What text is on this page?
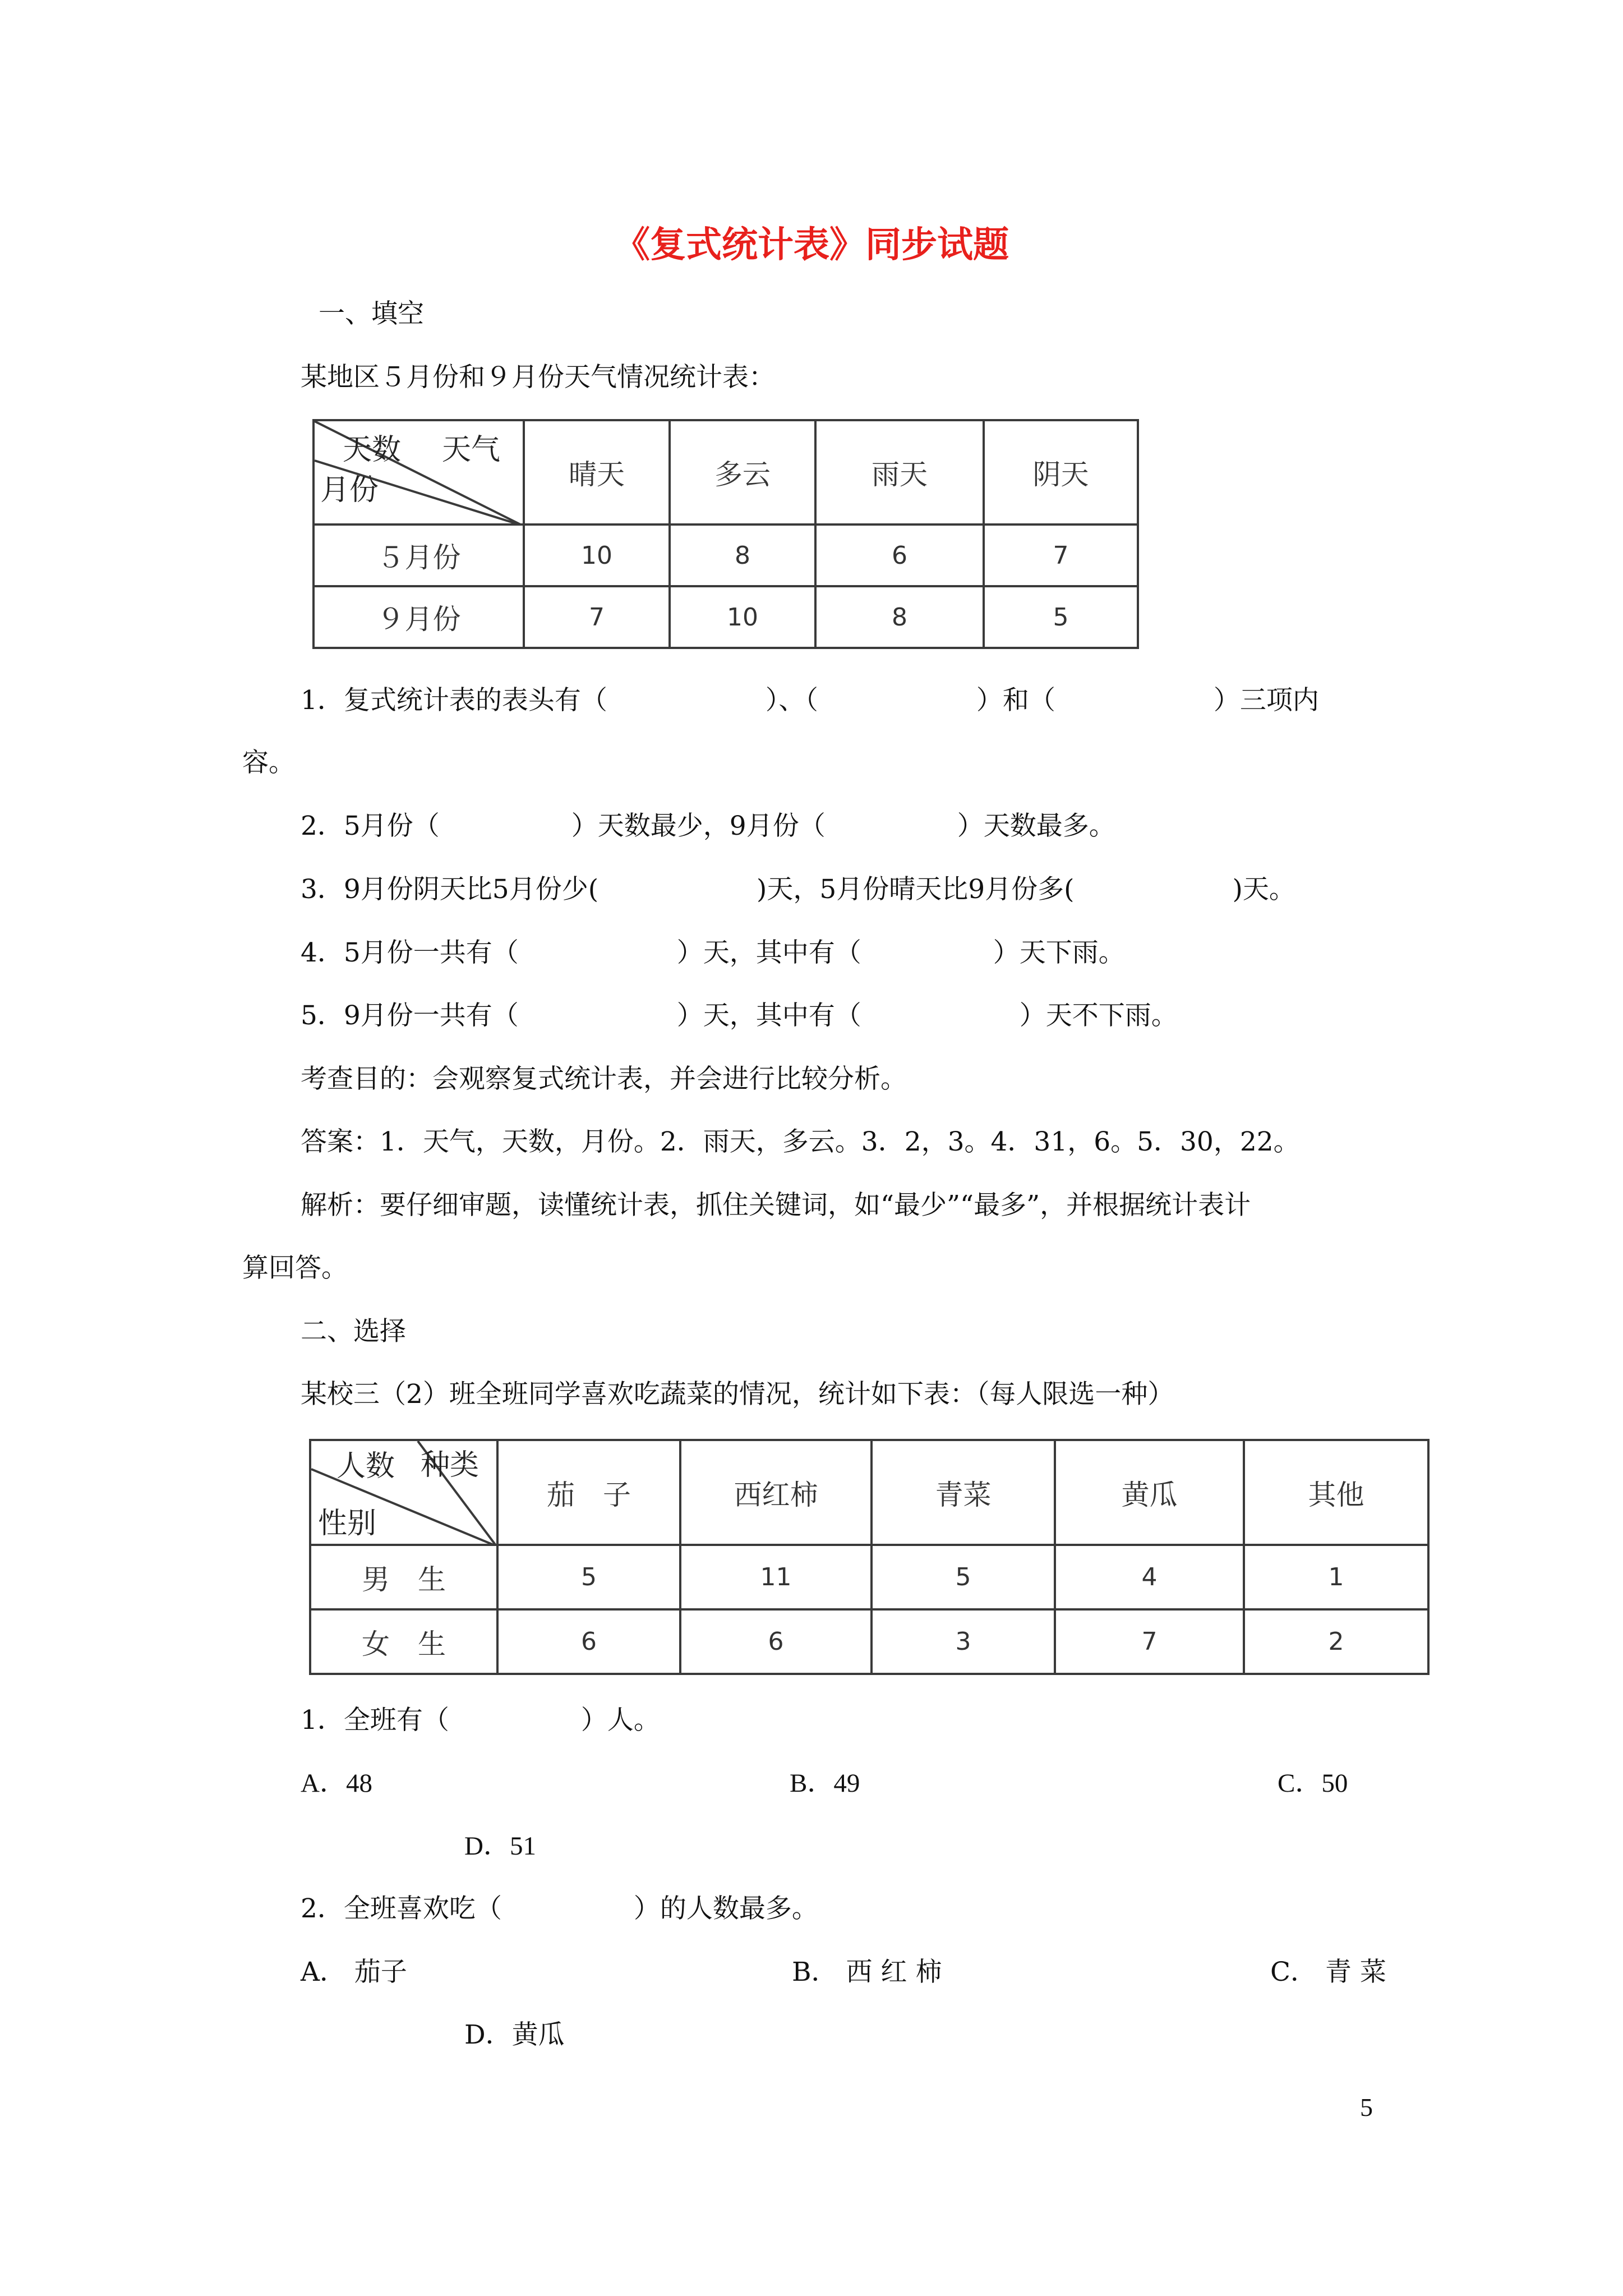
《复式统计表》同步试题
一、填空
某地区５月份和９月份天气情况统计表：
天数 天气
月份	晴天	多云	雨天	阴天
５月份	10	8	6	7
９月份	7	10	8	5
1．复式统计表的表头有（　　　　　　）、（　　　　　　）和（　　　　　　）三项内
容。
2．5月份（　　　　　）天数最少，9月份（　　　　　）天数最多。
3．9月份阴天比5月份少(　　　　　　)天，5月份晴天比9月份多(　　　　　　)天。
4．5月份一共有（　　　　　　）天，其中有（　　　　　）天下雨。
5．9月份一共有（　　　　　　）天，其中有（　　　　　　）天不下雨。
考查目的：会观察复式统计表，并会进行比较分析。
答案：1．天气，天数，月份。2．雨天，多云。3．2，3。4．31，6。5．30，22。
解析：要仔细审题，读懂统计表，抓住关键词，如“最少”“最多”，并根据统计表计
算回答。
二、选择
某校三（2）班全班同学喜欢吃蔬菜的情况，统计如下表：（每人限选一种）
人数 种类
性别	茄　子	西红柿	青菜	黄瓜	其他
男　生	5	11	5	4	1
女　生	6	6	3	7	2
1．全班有（　　　　　）人。
A．48	B．49	C．50
D．51
2．全班喜欢吃（　　　　　）的人数最多。
A． 茄子	B． 西 红 柿	C． 青 菜
D．黄瓜
5
